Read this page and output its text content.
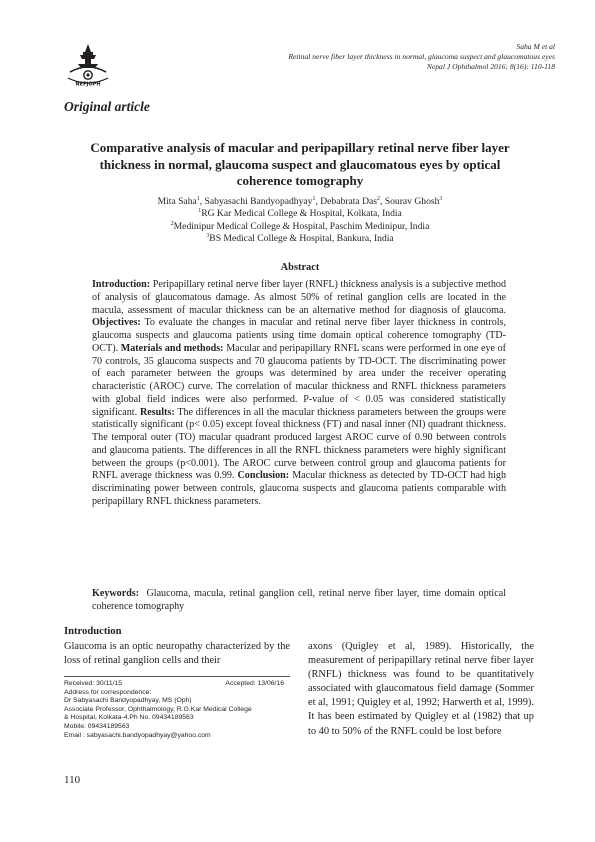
NEPJOPH
Saha M et al
Retinal nerve fiber layer thickness in normal, glaucoma suspect and glaucomatous eyes
Nepal J Ophthalmol 2016; 8(16): 110-118
Original article
Comparative analysis of macular and peripapillary retinal nerve fiber layer thickness in normal, glaucoma suspect and glaucomatous eyes by optical coherence tomography
Mita Saha$^1$, Sabyasachi Bandyopadhyay$^1$, Debabrata Das$^2$, Sourav Ghosh$^3$
$^1$RG Kar Medical College & Hospital, Kolkata, India
$^2$Medinipur Medical College & Hospital, Paschim Medinipur, India
$^3$BS Medical College & Hospital, Bankura, India
Abstract
Introduction: Peripapillary retinal nerve fiber layer (RNFL) thickness analysis is a subjective method of analysis of glaucomatous damage. As almost 50% of retinal ganglion cells are located in the macula, assessment of macular thickness can be an alternative method for diagnosis of glaucoma. Objectives: To evaluate the changes in macular and retinal nerve fiber layer thickness in controls, glaucoma suspects and glaucoma patients using time domain optical coherence tomography (TD-OCT). Materials and methods: Macular and peripapillary RNFL scans were performed in one eye of 70 controls, 35 glaucoma suspects and 70 glaucoma patients by TD-OCT. The discriminating power of each parameter between the groups was determined by area under the receiver operating characteristic (AROC) curve. The correlation of macular thickness and RNFL thickness parameters with global field indices were also performed. P-value of < 0.05 was considered statistically significant. Results: The differences in all the macular thickness parameters between the groups were statistically significant (p< 0.05) except foveal thickness (FT) and nasal inner (NI) quadrant thickness. The temporal outer (TO) macular quadrant produced largest AROC curve of 0.90 between controls and glaucoma patients. The differences in all the RNFL thickness parameters were highly significant between the groups (p<0.001). The AROC curve between control group and glaucoma patients for RNFL average thickness was 0.99. Conclusion: Macular thickness as detected by TD-OCT had high discriminating power between controls, glaucoma suspects and glaucoma patients comparable with peripapillary RNFL thickness parameters.
Keywords: Glaucoma, macula, retinal ganglion cell, retinal nerve fiber layer, time domain optical coherence tomography
Introduction
Glaucoma is an optic neuropathy characterized by the loss of retinal ganglion cells and their
axons (Quigley et al, 1989). Historically, the measurement of peripapillary retinal nerve fiber layer (RNFL) thickness was found to be quantitatively associated with glaucomatous field damage (Sommer et al, 1991; Quigley et al, 1992; Harwerth et al, 1999). It has been estimated by Quigley et al (1982) that up to 40 to 50% of the RNFL could be lost before
Received: 30/11/15	Accepted: 13/06/16
Address for correspondence:
Dr Sabyasachi Bandyopadhyay, MS (Oph)
Associate Professor, Ophthalmology, R.G.Kar Medical College
& Hospital, Kolkata-4.Ph No. 09434189563
Mobile: 09434189563
Email : sabyasachi.bandyopadhyay@yahoo.com
110
